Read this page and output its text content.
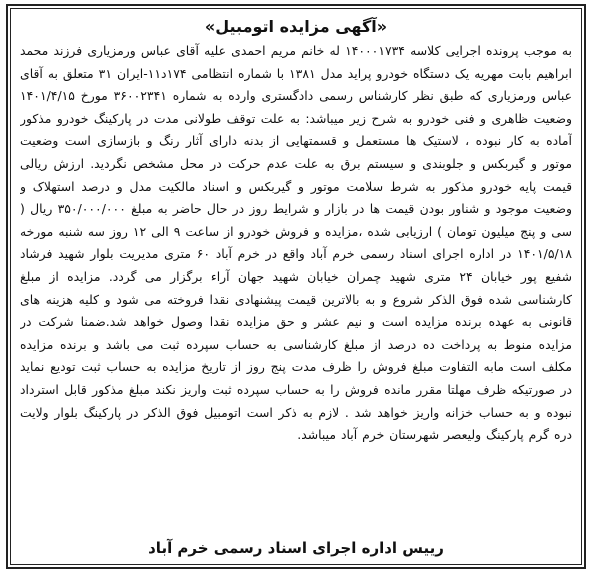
«آگهی مزایده اتومبیل»

به موجب پرونده اجرایی کلاسه ۱۴۰۰۰۱۷۳۴ له خانم مریم احمدی علیه آقای عباس ورمزیاری فرزند محمد ابراهیم بابت مهریه یک دستگاه خودرو پراید مدل ۱۳۸۱ با شماره انتظامی ۱۷۴د۱۱-ایران ۳۱ متعلق به آقای عباس ورمزیاری که طبق نظر کارشناس رسمی دادگستری وارده به شماره ۳۶۰۰۲۳۴۱ مورخ ۱۴۰۱/۴/۱۵ وضعیت ظاهری و فنی خودرو به شرح زیر میباشد: به علت توقف طولانی مدت در پارکینگ خودرو مذکور آماده به کار نبوده ، لاستیک ها مستعمل و قسمتهایی از بدنه دارای آثار رنگ و بازسازی است وضعیت موتور و گیربکس و جلوبندی و سیستم برق به علت عدم حرکت در محل مشخص نگردید. ارزش ریالی قیمت پایه خودرو مذکور به شرط سلامت موتور و گیربکس و اسناد مالکیت مدل و درصد استهلاک و وضعیت موجود و شناور بودن قیمت ها در بازار و شرایط روز در حال حاضر به مبلغ ۳۵۰/۰۰۰/۰۰۰ ریال ( سی و پنج میلیون تومان ) ارزیابی شده ،مزایده و فروش خودرو از ساعت ۹ الی ۱۲ روز سه شنبه مورخه ۱۴۰۱/۵/۱۸ در اداره اجرای اسناد رسمی خرم آباد واقع در خرم آباد ۶۰ متری مدیریت بلوار شهید فرشاد شفیع پور خیابان ۲۴ متری شهید چمران خیابان شهید جهان آراء برگزار می گردد. مزایده از مبلغ کارشناسی شده فوق الذکر شروع و به بالاترین قیمت پیشنهادی نقدا فروخته می شود و کلیه هزینه های قانونی به عهده برنده مزایده است و نیم عشر و حق مزایده نقدا وصول خواهد شد.ضمنا شرکت در مزایده منوط به پرداخت ده درصد از مبلغ کارشناسی به حساب سپرده ثبت می باشد و برنده مزایده مکلف است مابه التفاوت مبلغ فروش را ظرف مدت پنج روز از تاریخ مزایده به حساب ثبت تودیع نماید در صورتیکه ظرف مهلتا مقرر مانده فروش را به حساب سپرده ثبت واریز نکند مبلغ مذکور قابل استرداد نبوده و به حساب خزانه واریز خواهد شد . لازم به ذکر است اتومبیل فوق الذکر در پارکینگ بلوار ولایت دره گرم پارکینگ ولیعصر شهرستان خرم آباد میباشد.

رییس اداره اجرای اسناد رسمی خرم آباد
